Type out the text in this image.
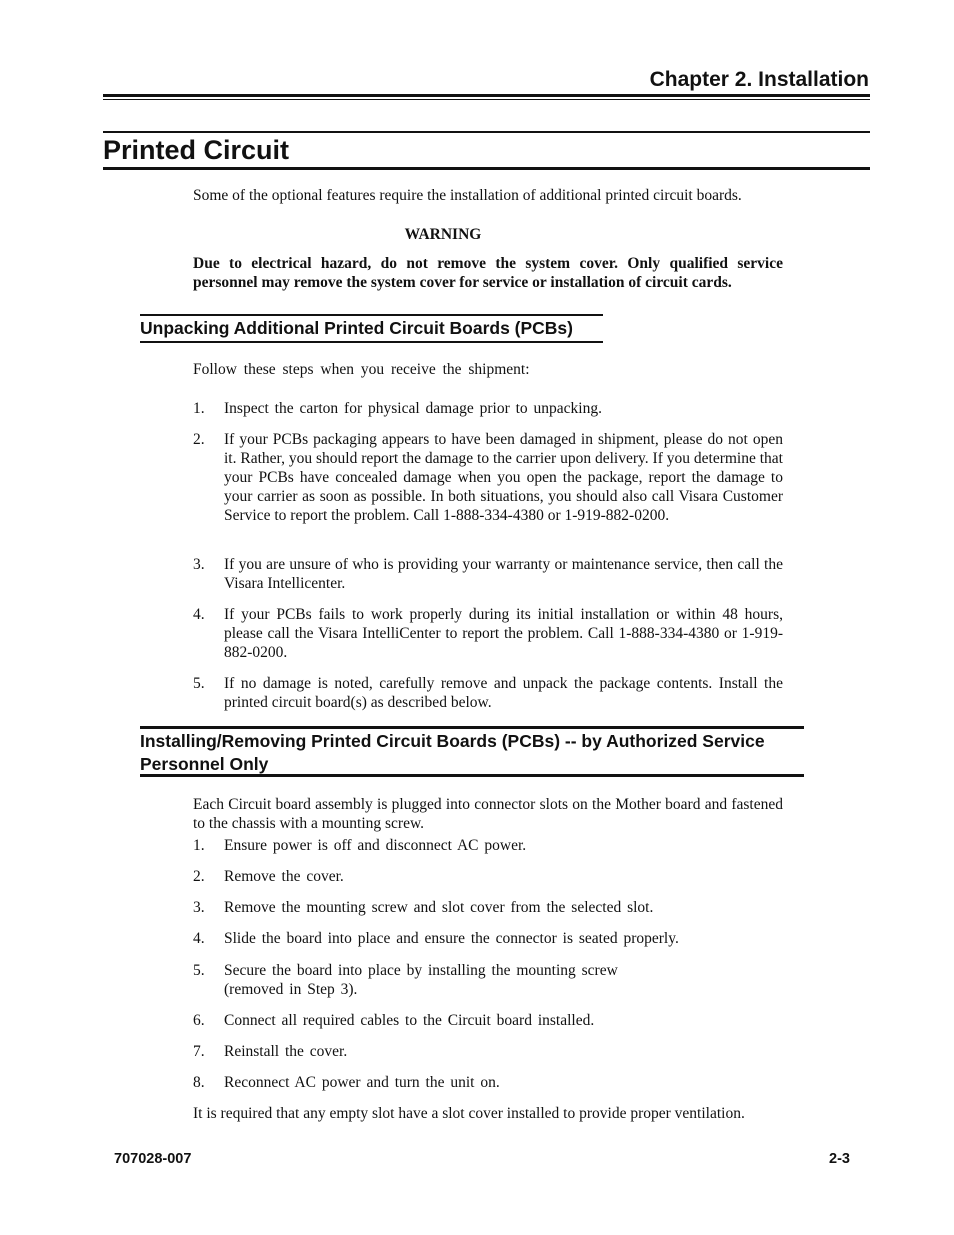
Chapter 2. Installation
Printed Circuit

Some of the optional features require the installation of additional printed circuit boards.

WARNING

Due to electrical hazard, do not remove the system cover. Only qualified service personnel may remove the system cover for service or installation of circuit cards.

Unpacking Additional Printed Circuit Boards (PCBs)

Follow these steps when you receive the shipment:

1.	Inspect the carton for physical damage prior to unpacking.
2.	If your PCBs packaging appears to have been damaged in shipment, please do not open it. Rather, you should report the damage to the carrier upon delivery. If you determine that your PCBs have concealed damage when you open the package, report the damage to your carrier as soon as possible. In both situations, you should also call Visara Customer Service to report the problem. Call 1-888-334-4380 or 1-919-882-0200.
3.	If you are unsure of who is providing your warranty or maintenance service, then call the Visara Intellicenter.
4.	If your PCBs fails to work properly during its initial installation or within 48 hours, please call the Visara IntelliCenter to report the problem. Call 1-888-334-4380 or 1-919-882-0200.
5.	If no damage is noted, carefully remove and unpack the package contents. Install the printed circuit board(s) as described below.
Installing/Removing Printed Circuit Boards (PCBs) -- by Authorized Service
Personnel Only

Each Circuit board assembly is plugged into connector slots on the Mother board and fastened to the chassis with a mounting screw.

1.	Ensure power is off and disconnect AC power.
2.	Remove the cover.
3.	Remove the mounting screw and slot cover from the selected slot.
4.	Slide the board into place and ensure the connector is seated properly.
5.	Secure the board into place by installing the mounting screw
(removed in Step 3).
6.	Connect all required cables to the Circuit board installed.
7.	Reinstall the cover.
8.	Reconnect AC power and turn the unit on.

It is required that any empty slot have a slot cover installed to provide proper ventilation.

707028-007	2-3
